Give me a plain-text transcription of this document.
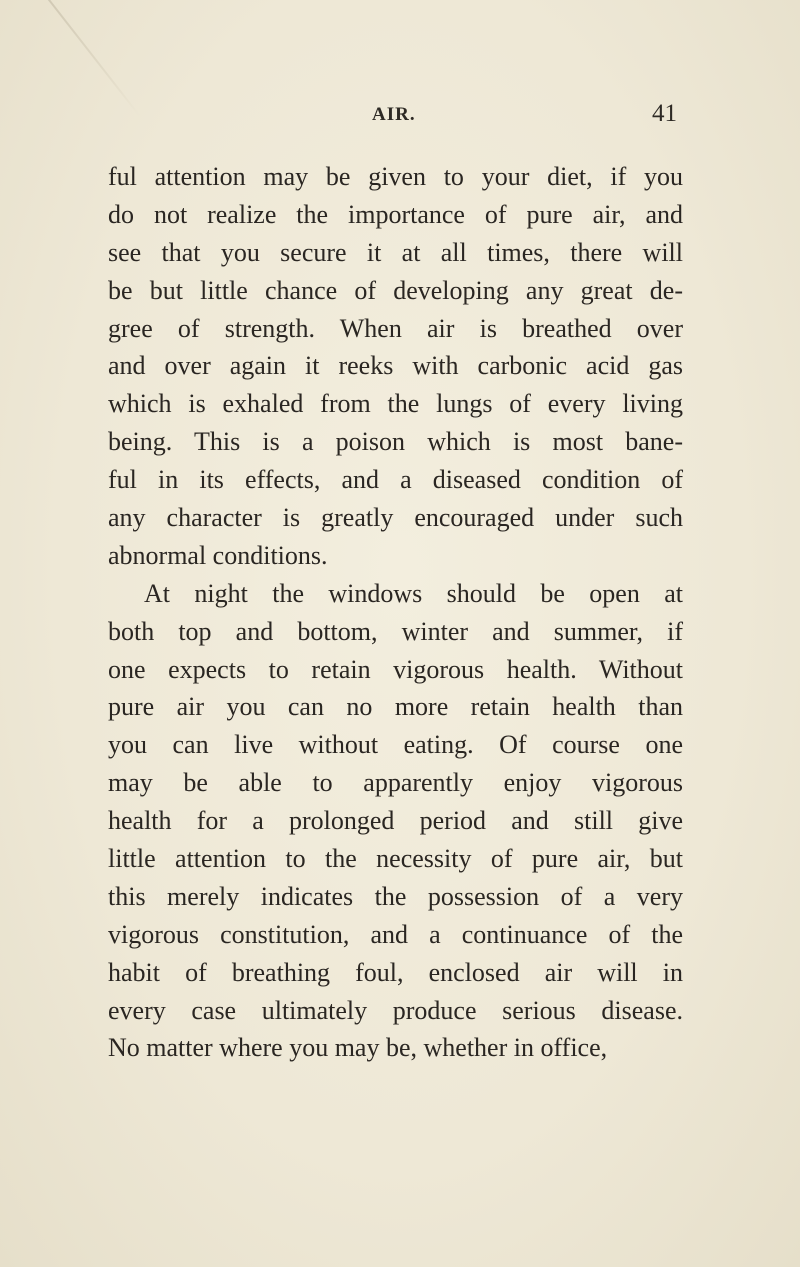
AIR.	41
ful attention may be given to your diet, if you
do not realize the importance of pure air, and
see that you secure it at all times, there will
be but little chance of developing any great de-
gree of strength. When air is breathed over
and over again it reeks with carbonic acid gas
which is exhaled from the lungs of every living
being. This is a poison which is most bane-
ful in its effects, and a diseased condition of
any character is greatly encouraged under such
abnormal conditions.
At night the windows should be open at
both top and bottom, winter and summer, if
one expects to retain vigorous health. Without
pure air you can no more retain health than
you can live without eating. Of course one
may be able to apparently enjoy vigorous
health for a prolonged period and still give
little attention to the necessity of pure air, but
this merely indicates the possession of a very
vigorous constitution, and a continuance of the
habit of breathing foul, enclosed air will in
every case ultimately produce serious disease.
No matter where you may be, whether in office,
